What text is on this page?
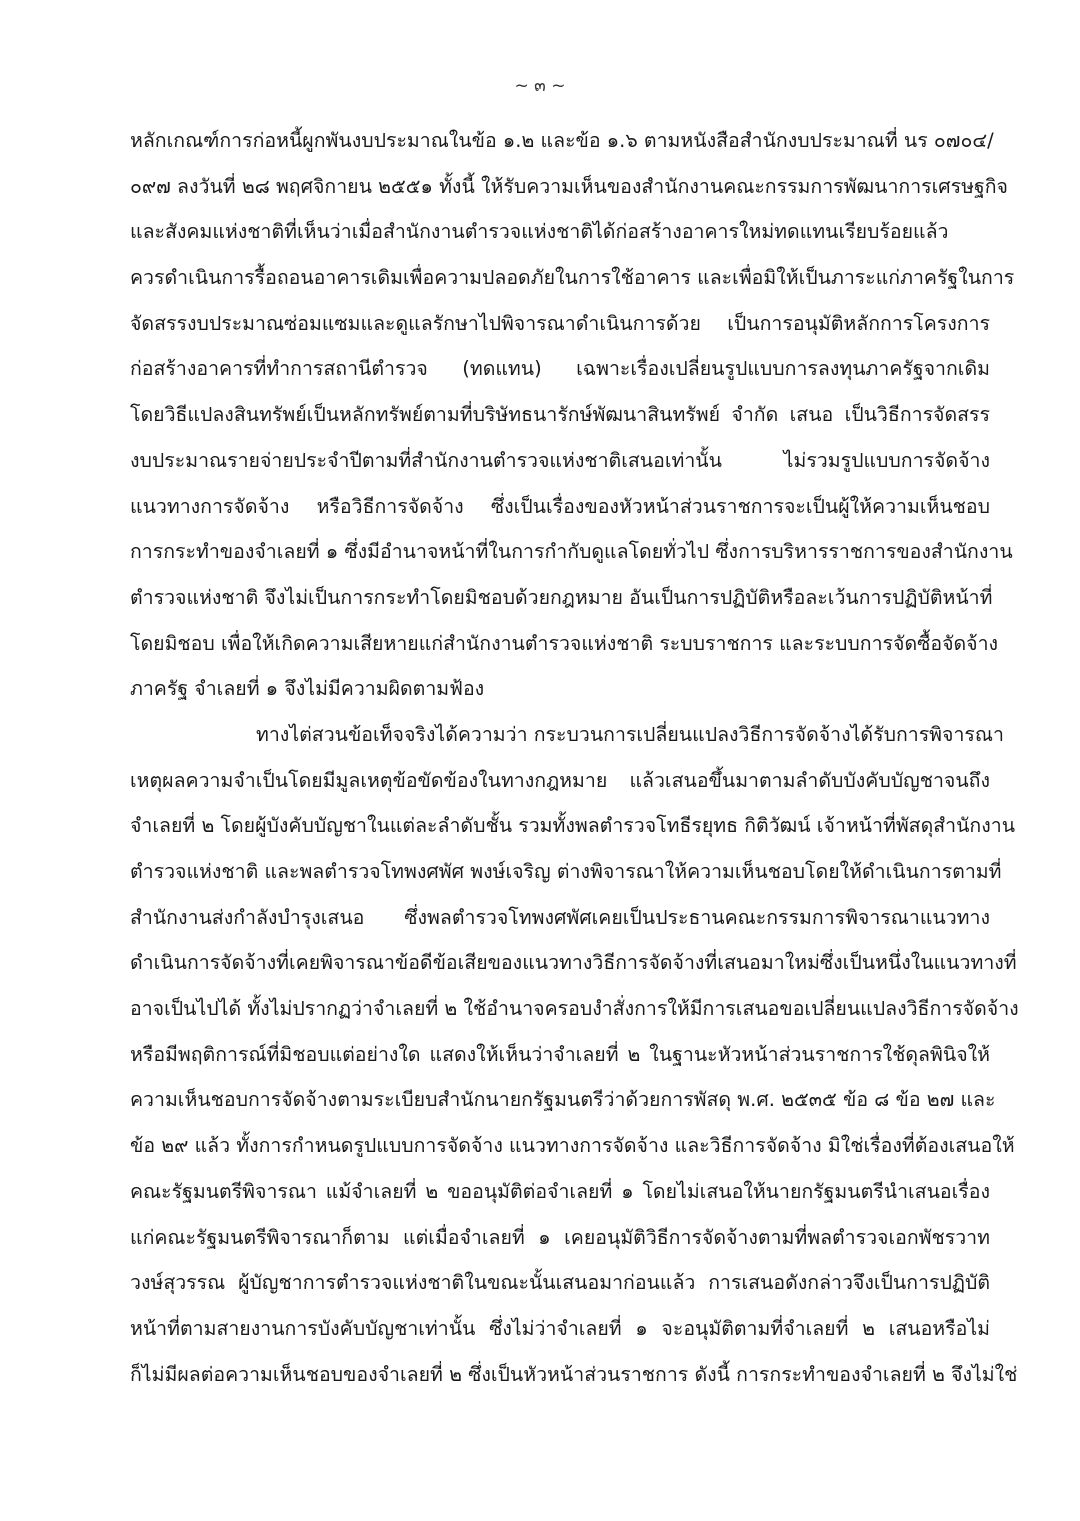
~ ๓ ~
หลักเกณฑ์การก่อหนี้ผูกพันงบประมาณในข้อ ๑.๒ และข้อ ๑.๖ ตามหนังสือสำนักงบประมาณที่ นร ๐๗๐๔/
๐๙๗ ลงวันที่ ๒๘ พฤศจิกายน ๒๕๕๑ ทั้งนี้ ให้รับความเห็นของสำนักงานคณะกรรมการพัฒนาการเศรษฐกิจ
และสังคมแห่งชาติที่เห็นว่าเมื่อสำนักงานตำรวจแห่งชาติได้ก่อสร้างอาคารใหม่ทดแทนเรียบร้อยแล้ว
ควรดำเนินการรื้อถอนอาคารเดิมเพื่อความปลอดภัยในการใช้อาคาร และเพื่อมิให้เป็นภาระแก่ภาครัฐในการ
จัดสรรงบประมาณซ่อมแซมและดูแลรักษาไปพิจารณาดำเนินการด้วย เป็นการอนุมัติหลักการโครงการ
ก่อสร้างอาคารที่ทำการสถานีตำรวจ (ทดแทน) เฉพาะเรื่องเปลี่ยนรูปแบบการลงทุนภาครัฐจากเดิม
โดยวิธีแปลงสินทรัพย์เป็นหลักทรัพย์ตามที่บริษัทธนารักษ์พัฒนาสินทรัพย์ จำกัด เสนอ เป็นวิธีการจัดสรร
งบประมาณรายจ่ายประจำปีตามที่สำนักงานตำรวจแห่งชาติเสนอเท่านั้น ไม่รวมรูปแบบการจัดจ้าง
แนวทางการจัดจ้าง หรือวิธีการจัดจ้าง ซึ่งเป็นเรื่องของหัวหน้าส่วนราชการจะเป็นผู้ให้ความเห็นชอบ
การกระทำของจำเลยที่ ๑ ซึ่งมีอำนาจหน้าที่ในการกำกับดูแลโดยทั่วไป ซึ่งการบริหารราชการของสำนักงาน
ตำรวจแห่งชาติ จึงไม่เป็นการกระทำโดยมิชอบด้วยกฎหมาย อันเป็นการปฏิบัติหรือละเว้นการปฏิบัติหน้าที่
โดยมิชอบ เพื่อให้เกิดความเสียหายแก่สำนักงานตำรวจแห่งชาติ ระบบราชการ และระบบการจัดซื้อจัดจ้าง
ภาครัฐ จำเลยที่ ๑ จึงไม่มีความผิดตามฟ้อง
ทางไต่สวนข้อเท็จจริงได้ความว่า กระบวนการเปลี่ยนแปลงวิธีการจัดจ้างได้รับการพิจารณา
เหตุผลความจำเป็นโดยมีมูลเหตุข้อขัดข้องในทางกฎหมาย แล้วเสนอขึ้นมาตามลำดับบังคับบัญชาจนถึง
จำเลยที่ ๒ โดยผู้บังคับบัญชาในแต่ละลำดับชั้น รวมทั้งพลตำรวจโทธีรยุทธ กิติวัฒน์ เจ้าหน้าที่พัสดุสำนักงาน
ตำรวจแห่งชาติ และพลตำรวจโทพงศพัศ พงษ์เจริญ ต่างพิจารณาให้ความเห็นชอบโดยให้ดำเนินการตามที่
สำนักงานส่งกำลังบำรุงเสนอ ซึ่งพลตำรวจโทพงศพัศเคยเป็นประธานคณะกรรมการพิจารณาแนวทาง
ดำเนินการจัดจ้างที่เคยพิจารณาข้อดีข้อเสียของแนวทางวิธีการจัดจ้างที่เสนอมาใหม่ซึ่งเป็นหนึ่งในแนวทางที่
อาจเป็นไปได้ ทั้งไม่ปรากฏว่าจำเลยที่ ๒ ใช้อำนาจครอบงำสั่งการให้มีการเสนอขอเปลี่ยนแปลงวิธีการจัดจ้าง
หรือมีพฤติการณ์ที่มิชอบแต่อย่างใด แสดงให้เห็นว่าจำเลยที่ ๒ ในฐานะหัวหน้าส่วนราชการใช้ดุลพินิจให้
ความเห็นชอบการจัดจ้างตามระเบียบสำนักนายกรัฐมนตรีว่าด้วยการพัสดุ พ.ศ. ๒๕๓๕ ข้อ ๘ ข้อ ๒๗ และ
ข้อ ๒๙ แล้ว ทั้งการกำหนดรูปแบบการจัดจ้าง แนวทางการจัดจ้าง และวิธีการจัดจ้าง มิใช่เรื่องที่ต้องเสนอให้
คณะรัฐมนตรีพิจารณา แม้จำเลยที่ ๒ ขออนุมัติต่อจำเลยที่ ๑ โดยไม่เสนอให้นายกรัฐมนตรีนำเสนอเรื่อง
แก่คณะรัฐมนตรีพิจารณาก็ตาม แต่เมื่อจำเลยที่ ๑ เคยอนุมัติวิธีการจัดจ้างตามที่พลตำรวจเอกพัชรวาท
วงษ์สุวรรณ ผู้บัญชาการตำรวจแห่งชาติในขณะนั้นเสนอมาก่อนแล้ว การเสนอดังกล่าวจึงเป็นการปฏิบัติ
หน้าที่ตามสายงานการบังคับบัญชาเท่านั้น ซึ่งไม่ว่าจำเลยที่ ๑ จะอนุมัติตามที่จำเลยที่ ๒ เสนอหรือไม่
ก็ไม่มีผลต่อความเห็นชอบของจำเลยที่ ๒ ซึ่งเป็นหัวหน้าส่วนราชการ ดังนี้ การกระทำของจำเลยที่ ๒ จึงไม่ใช่
